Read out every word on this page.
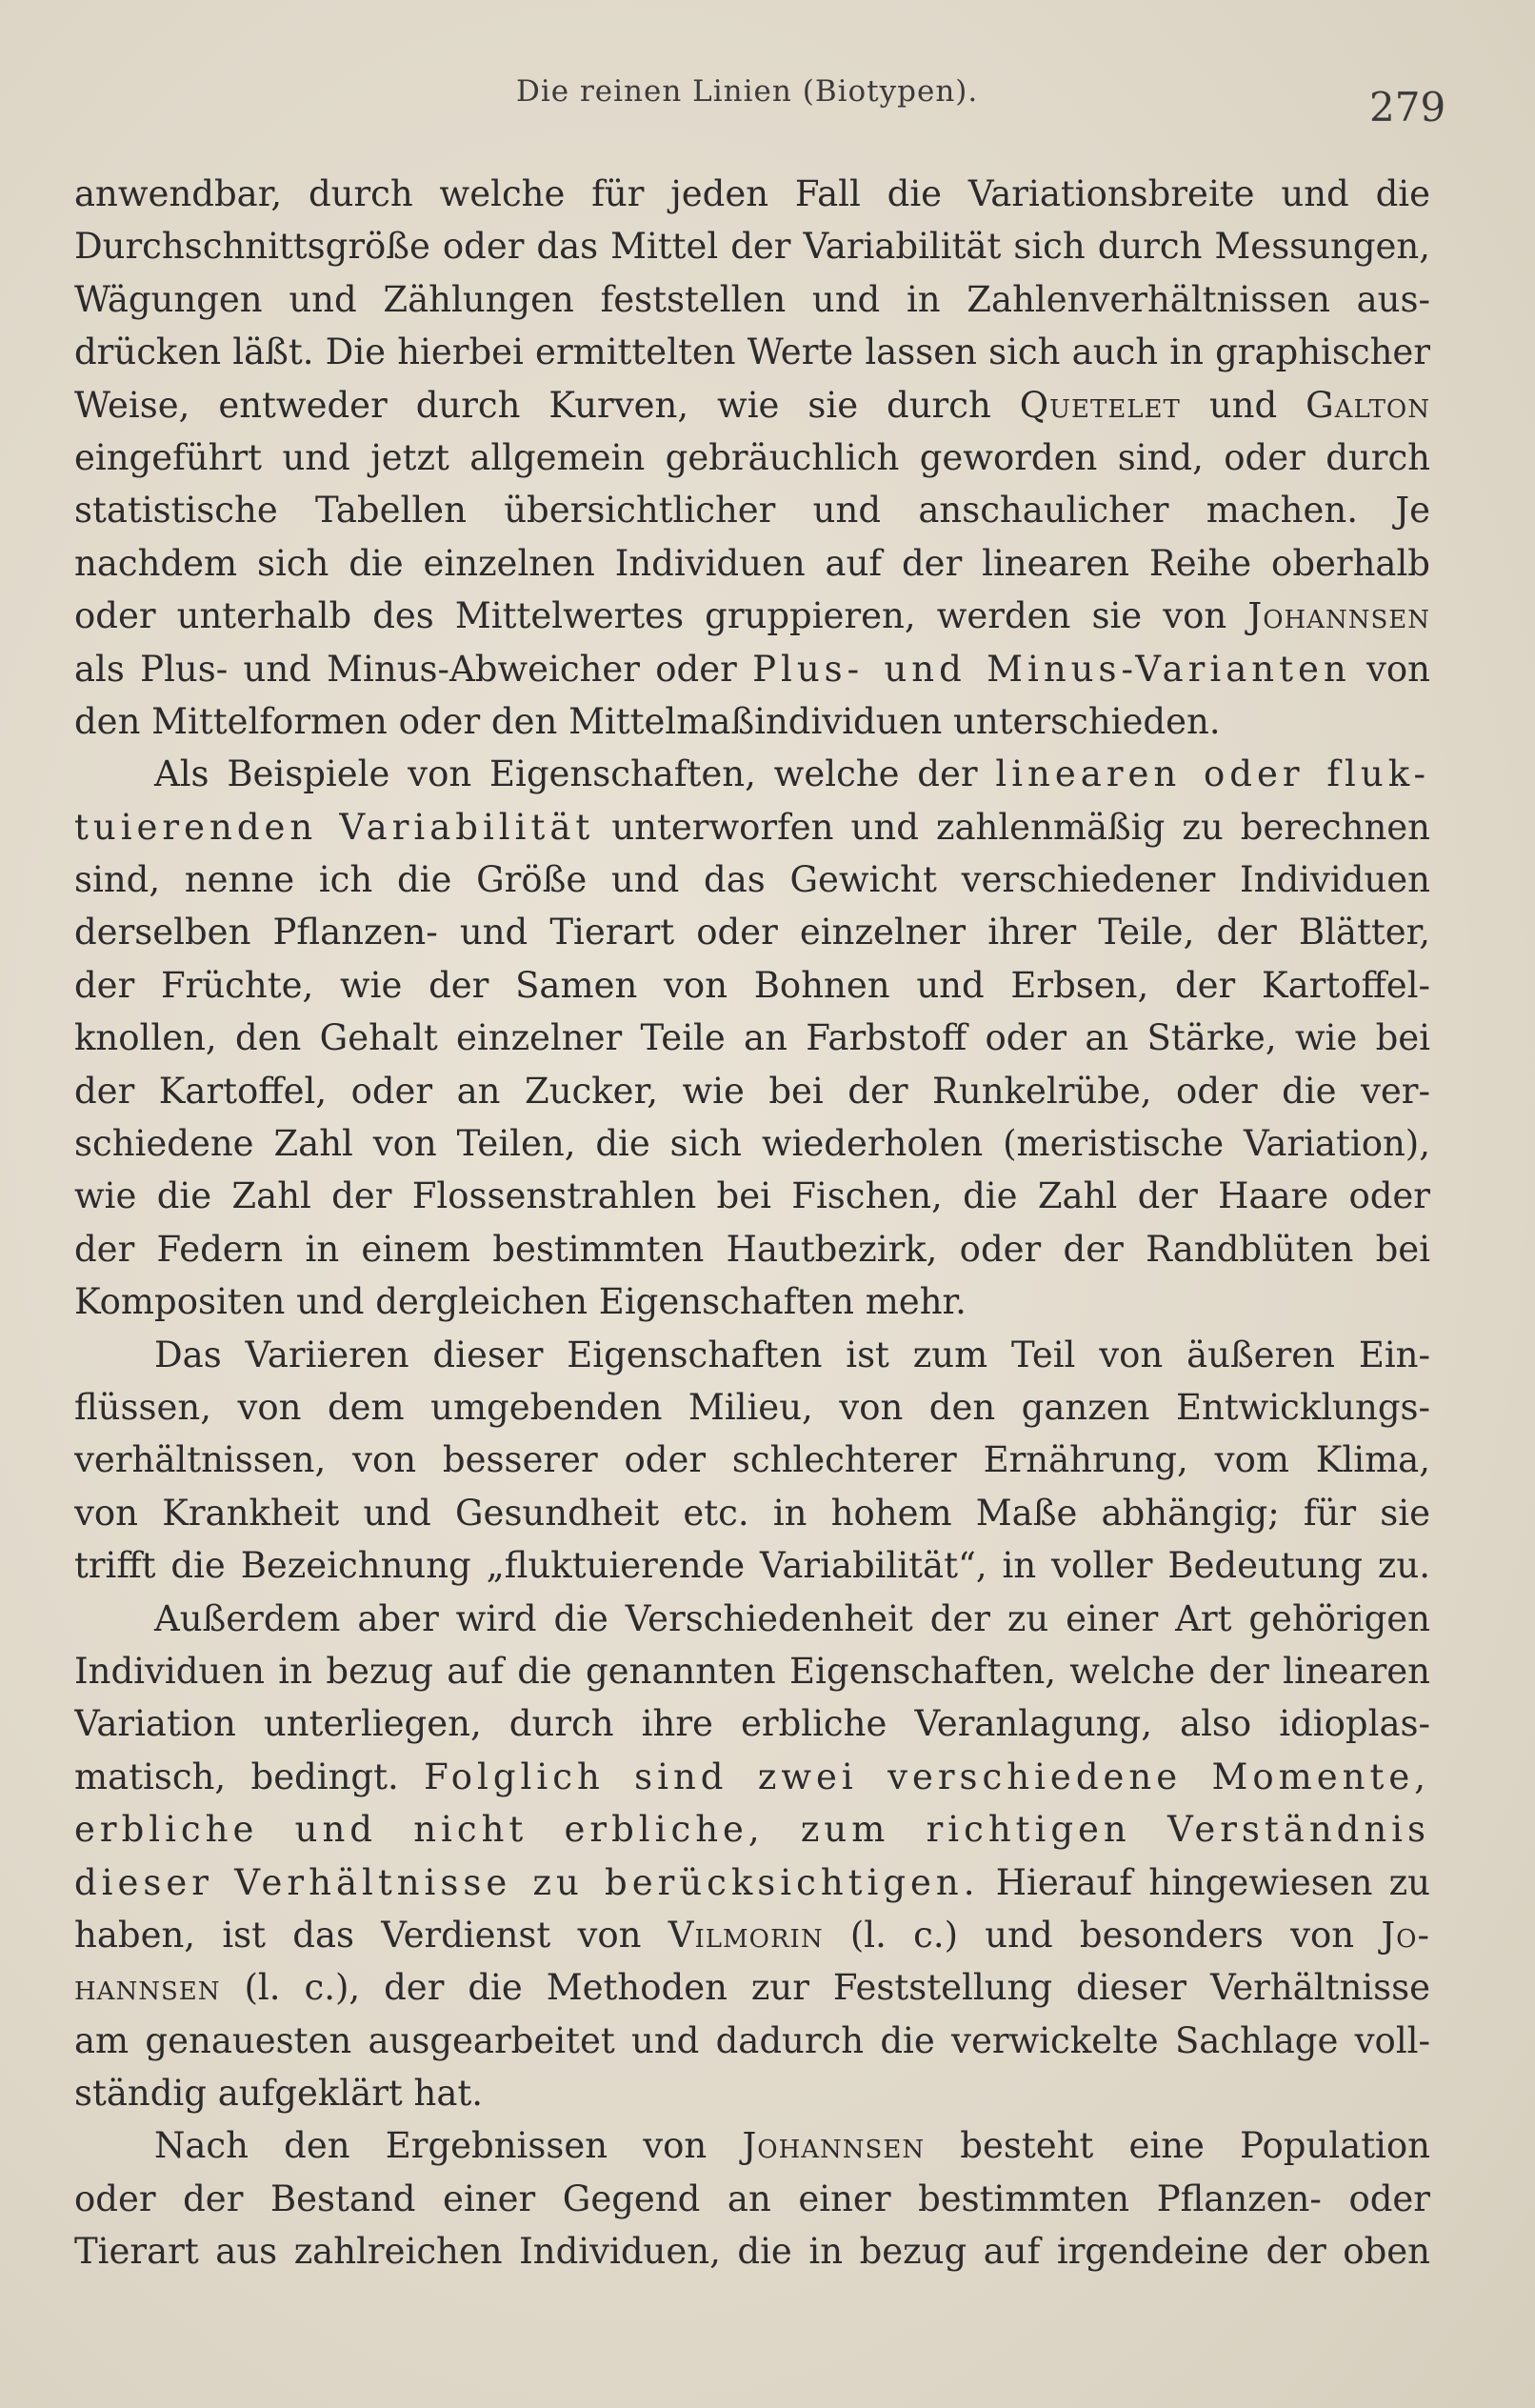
Die reinen Linien (Biotypen).	279
anwendbar, durch welche für jeden Fall die Variationsbreite und die
Durchschnittsgröße oder das Mittel der Variabilität sich durch Messungen,
Wägungen und Zählungen feststellen und in Zahlenverhältnissen aus-
drücken läßt. Die hierbei ermittelten Werte lassen sich auch in graphischer
Weise, entweder durch Kurven, wie sie durch Quetelet und Galton
eingeführt und jetzt allgemein gebräuchlich geworden sind, oder durch
statistische Tabellen übersichtlicher und anschaulicher machen. Je
nachdem sich die einzelnen Individuen auf der linearen Reihe oberhalb
oder unterhalb des Mittelwertes gruppieren, werden sie von Johannsen
als Plus- und Minus-Abweicher oder Plus- und Minus-Varianten von
den Mittelformen oder den Mittelmaßindividuen unterschieden.
Als Beispiele von Eigenschaften, welche der linearen oder fluk-
tuierenden Variabilität unterworfen und zahlenmäßig zu berechnen
sind, nenne ich die Größe und das Gewicht verschiedener Individuen
derselben Pflanzen- und Tierart oder einzelner ihrer Teile, der Blätter,
der Früchte, wie der Samen von Bohnen und Erbsen, der Kartoffel-
knollen, den Gehalt einzelner Teile an Farbstoff oder an Stärke, wie bei
der Kartoffel, oder an Zucker, wie bei der Runkelrübe, oder die ver-
schiedene Zahl von Teilen, die sich wiederholen (meristische Variation),
wie die Zahl der Flossenstrahlen bei Fischen, die Zahl der Haare oder
der Federn in einem bestimmten Hautbezirk, oder der Randblüten bei
Kompositen und dergleichen Eigenschaften mehr.
Das Variieren dieser Eigenschaften ist zum Teil von äußeren Ein-
flüssen, von dem umgebenden Milieu, von den ganzen Entwicklungs-
verhältnissen, von besserer oder schlechterer Ernährung, vom Klima,
von Krankheit und Gesundheit etc. in hohem Maße abhängig; für sie
trifft die Bezeichnung „fluktuierende Variabilität“, in voller Bedeutung zu.
Außerdem aber wird die Verschiedenheit der zu einer Art gehörigen
Individuen in bezug auf die genannten Eigenschaften, welche der linearen
Variation unterliegen, durch ihre erbliche Veranlagung, also idioplas-
matisch, bedingt. Folglich sind zwei verschiedene Momente,
erbliche und nicht erbliche, zum richtigen Verständnis
dieser Verhältnisse zu berücksichtigen. Hierauf hingewiesen zu
haben, ist das Verdienst von Vilmorin (l. c.) und besonders von Jo-
hannsen (l. c.), der die Methoden zur Feststellung dieser Verhältnisse
am genauesten ausgearbeitet und dadurch die verwickelte Sachlage voll-
ständig aufgeklärt hat.
Nach den Ergebnissen von Johannsen besteht eine Population
oder der Bestand einer Gegend an einer bestimmten Pflanzen- oder
Tierart aus zahlreichen Individuen, die in bezug auf irgendeine der oben
